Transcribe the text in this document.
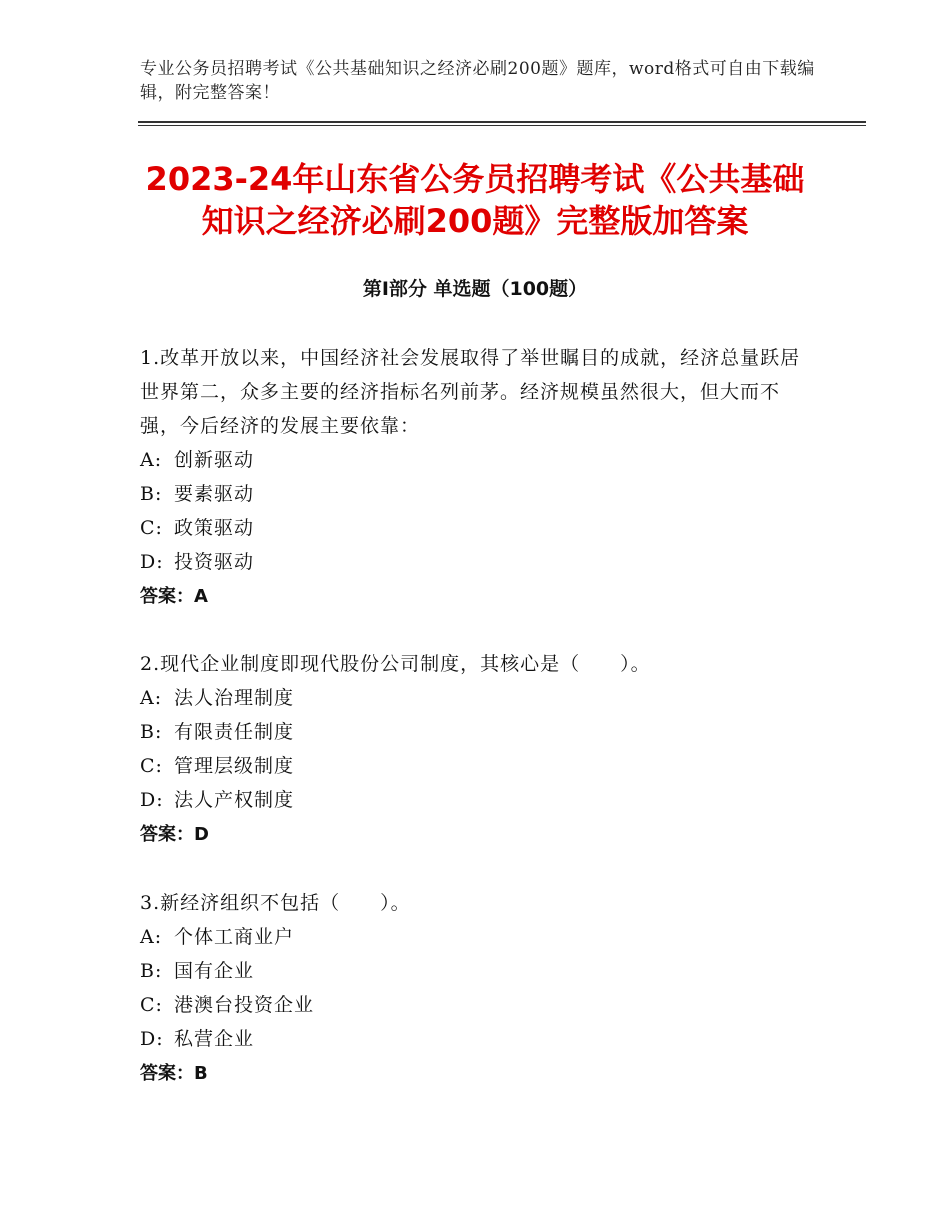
专业公务员招聘考试《公共基础知识之经济必刷200题》题库，word格式可自由下载编辑，附完整答案！
2023-24年山东省公务员招聘考试《公共基础知识之经济必刷200题》完整版加答案
第Ⅰ部分 单选题（100题）

1.改革开放以来，中国经济社会发展取得了举世瞩目的成就，经济总量跃居世界第二，众多主要的经济指标名列前茅。经济规模虽然很大，但大而不强，今后经济的发展主要依靠：

A: 创新驱动

B: 要素驱动

C: 政策驱动

D: 投资驱动

答案：A

2.现代企业制度即现代股份公司制度，其核心是（　　）。

A: 法人治理制度

B: 有限责任制度

C: 管理层级制度

D: 法人产权制度

答案：D

3.新经济组织不包括（　　）。

A: 个体工商业户

B: 国有企业

C: 港澳台投资企业

D: 私营企业

答案：B
